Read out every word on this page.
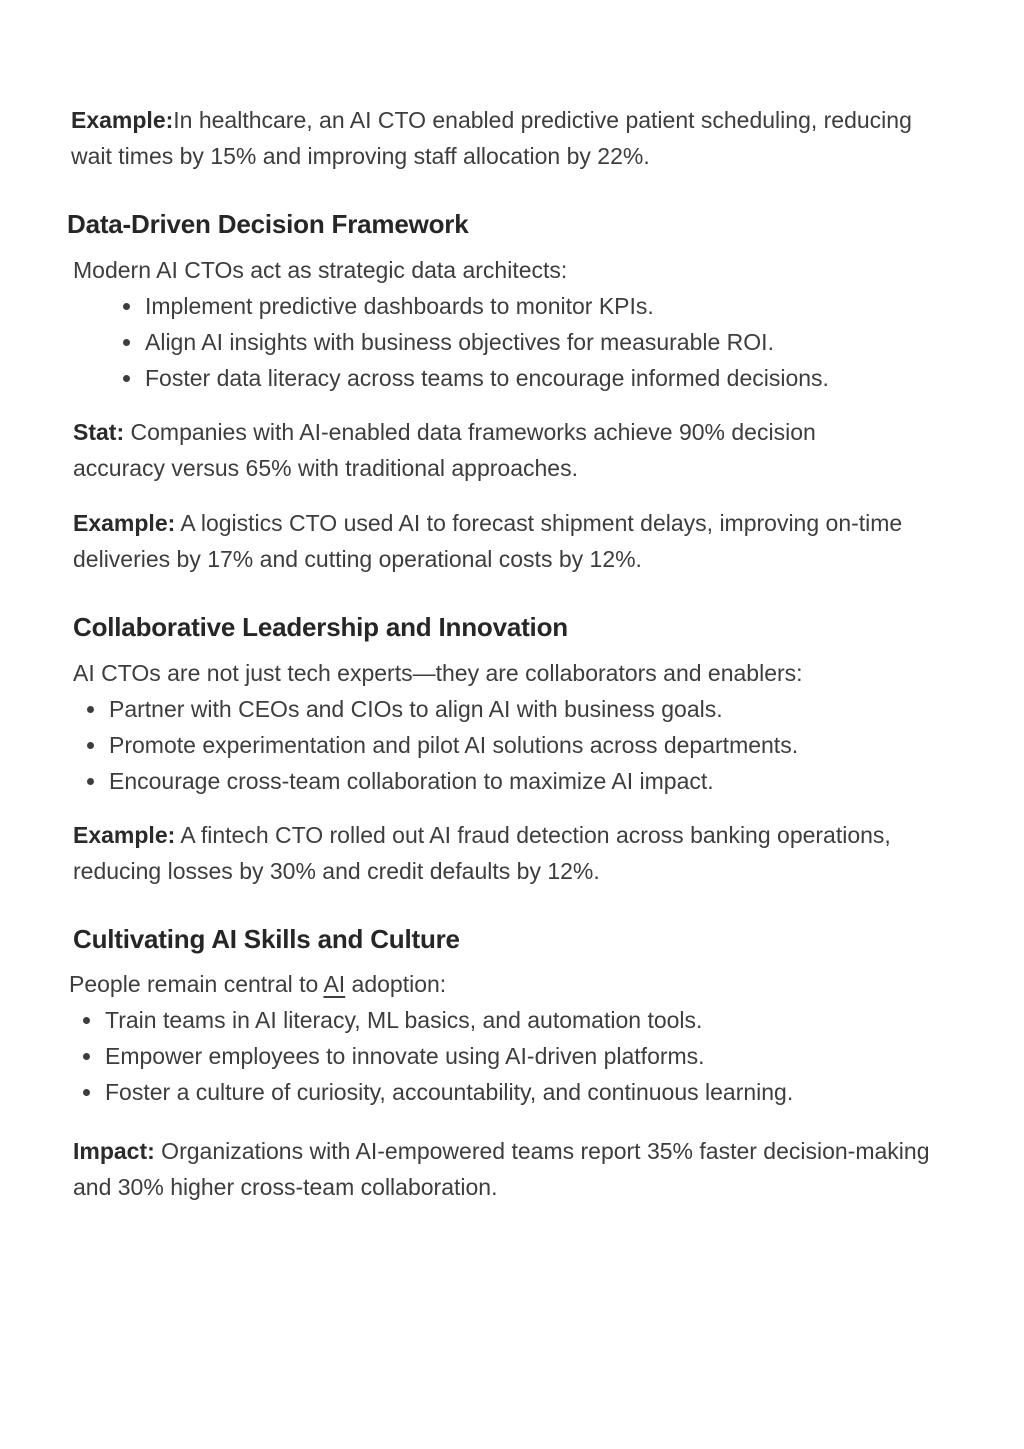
Example:In healthcare, an AI CTO enabled predictive patient scheduling, reducing wait times by 15% and improving staff allocation by 22%.

Data-Driven Decision Framework

Modern AI CTOs act as strategic data architects:

Implement predictive dashboards to monitor KPIs.
Align AI insights with business objectives for measurable ROI.
Foster data literacy across teams to encourage informed decisions.

Stat: Companies with AI-enabled data frameworks achieve 90% decision accuracy versus 65% with traditional approaches.

Example: A logistics CTO used AI to forecast shipment delays, improving on-time deliveries by 17% and cutting operational costs by 12%.

Collaborative Leadership and Innovation

AI CTOs are not just tech experts—they are collaborators and enablers:

Partner with CEOs and CIOs to align AI with business goals.
Promote experimentation and pilot AI solutions across departments.
Encourage cross-team collaboration to maximize AI impact.

Example: A fintech CTO rolled out AI fraud detection across banking operations, reducing losses by 30% and credit defaults by 12%.

Cultivating AI Skills and Culture

People remain central to AI adoption:

Train teams in AI literacy, ML basics, and automation tools.
Empower employees to innovate using AI-driven platforms.
Foster a culture of curiosity, accountability, and continuous learning.

Impact: Organizations with AI-empowered teams report 35% faster decision-making and 30% higher cross-team collaboration.
